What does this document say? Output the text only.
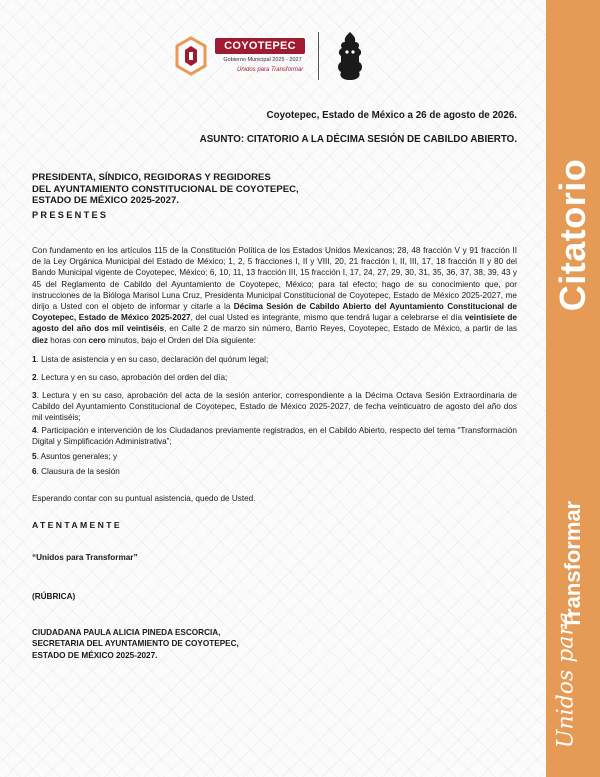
COYOTEPEC
Gobierno Municipal 2025 - 2027
Unidos para Transformar

Coyotepec, Estado de México a 26 de agosto de 2026.

ASUNTO: CITATORIO A LA DÉCIMA SESIÓN DE CABILDO ABIERTO.

PRESIDENTA, SÍNDICO, REGIDORAS Y REGIDORES
DEL AYUNTAMIENTO CONSTITUCIONAL DE COYOTEPEC,
ESTADO DE MÉXICO 2025-2027.

PRESENTES

Con fundamento en los artículos 115 de la Constitución Política de los Estados Unidos Mexicanos; 28, 48 fracción V y 91 fracción II de la Ley Orgánica Municipal del Estado de México; 1, 2, 5 fracciones I, II y VIII, 20, 21 fracción I, II, III, 17, 18 fracción II y 80 del Bando Municipal vigente de Coyotepec, México; 6, 10, 11, 13 fracción III, 15 fracción I, 17, 24, 27, 29, 30, 31, 35, 36, 37, 38, 39, 43 y 45 del Reglamento de Cabildo del Ayuntamiento de Coyotepec, México; para tal efecto; hago de su conocimiento que, por instrucciones de la Bióloga Marisol Luna Cruz, Presidenta Municipal Constitucional de Coyotepec, Estado de México 2025-2027, me dirijo a Usted con el objeto de informar y citarle a la Décima Sesión de Cabildo Abierto del Ayuntamiento Constitucional de Coyotepec, Estado de México 2025-2027, del cual Usted es integrante, mismo que tendrá lugar a celebrarse el día veintisiete de agosto del año dos mil veintiséis, en Calle 2 de marzo sin número, Barrio Reyes, Coyotepec, Estado de México, a partir de las diez horas con cero minutos, bajo el Orden del Día siguiente:

1. Lista de asistencia y en su caso, declaración del quórum legal;

2. Lectura y en su caso, aprobación del orden del día;

3. Lectura y en su caso, aprobación del acta de la sesión anterior, correspondiente a la Décima Octava Sesión Extraordinaria de Cabildo del Ayuntamiento Constitucional de Coyotepec, Estado de México 2025-2027, de fecha veinticuatro de agosto del año dos mil veintiséis;

4. Participación e intervención de los Ciudadanos previamente registrados, en el Cabildo Abierto, respecto del tema “Transformación Digital y Simplificación Administrativa”;

5. Asuntos generales; y

6. Clausura de la sesión

Esperando contar con su puntual asistencia, quedo de Usted.

ATENTAMENTE

“Unidos para Transformar”

(RÚBRICA)

CIUDADANA PAULA ALICIA PINEDA ESCORCIA,
SECRETARIA DEL AYUNTAMIENTO DE COYOTEPEC,
ESTADO DE MÉXICO 2025-2027.
Citatorio
Transformar
Unidos para
